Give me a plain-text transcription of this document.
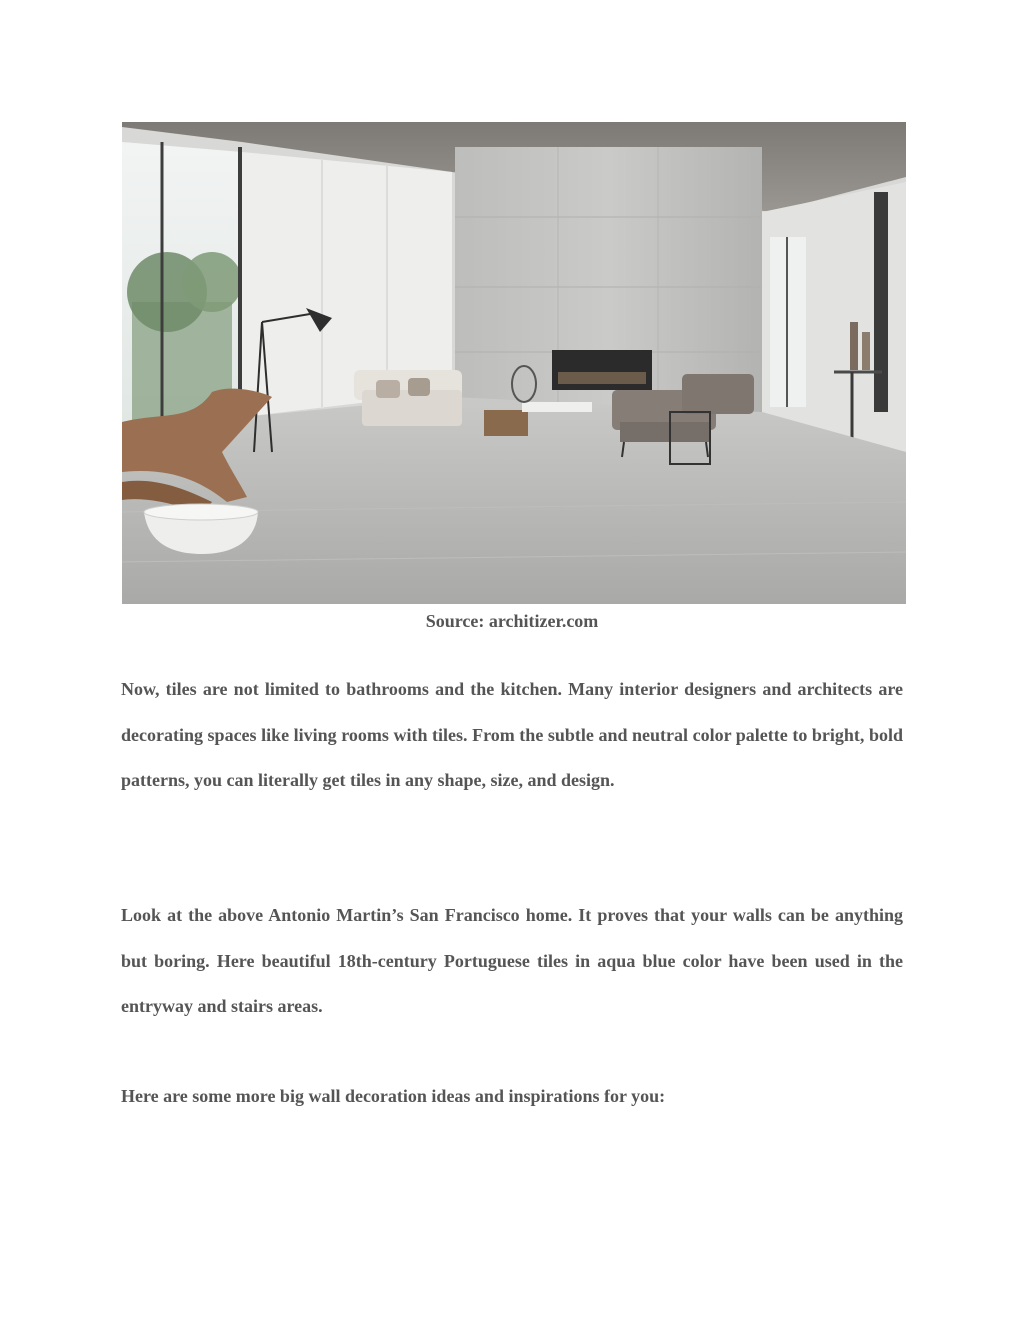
Source: architizer.com

Now, tiles are not limited to bathrooms and the kitchen. Many interior designers and architects are decorating spaces like living rooms with tiles. From the subtle and neutral color palette to bright, bold patterns, you can literally get tiles in any shape, size, and design.

Look at the above Antonio Martin’s San Francisco home. It proves that your walls can be anything but boring. Here beautiful 18th-century Portuguese tiles in aqua blue color have been used in the entryway and stairs areas.

Here are some more big wall decoration ideas and inspirations for you:
